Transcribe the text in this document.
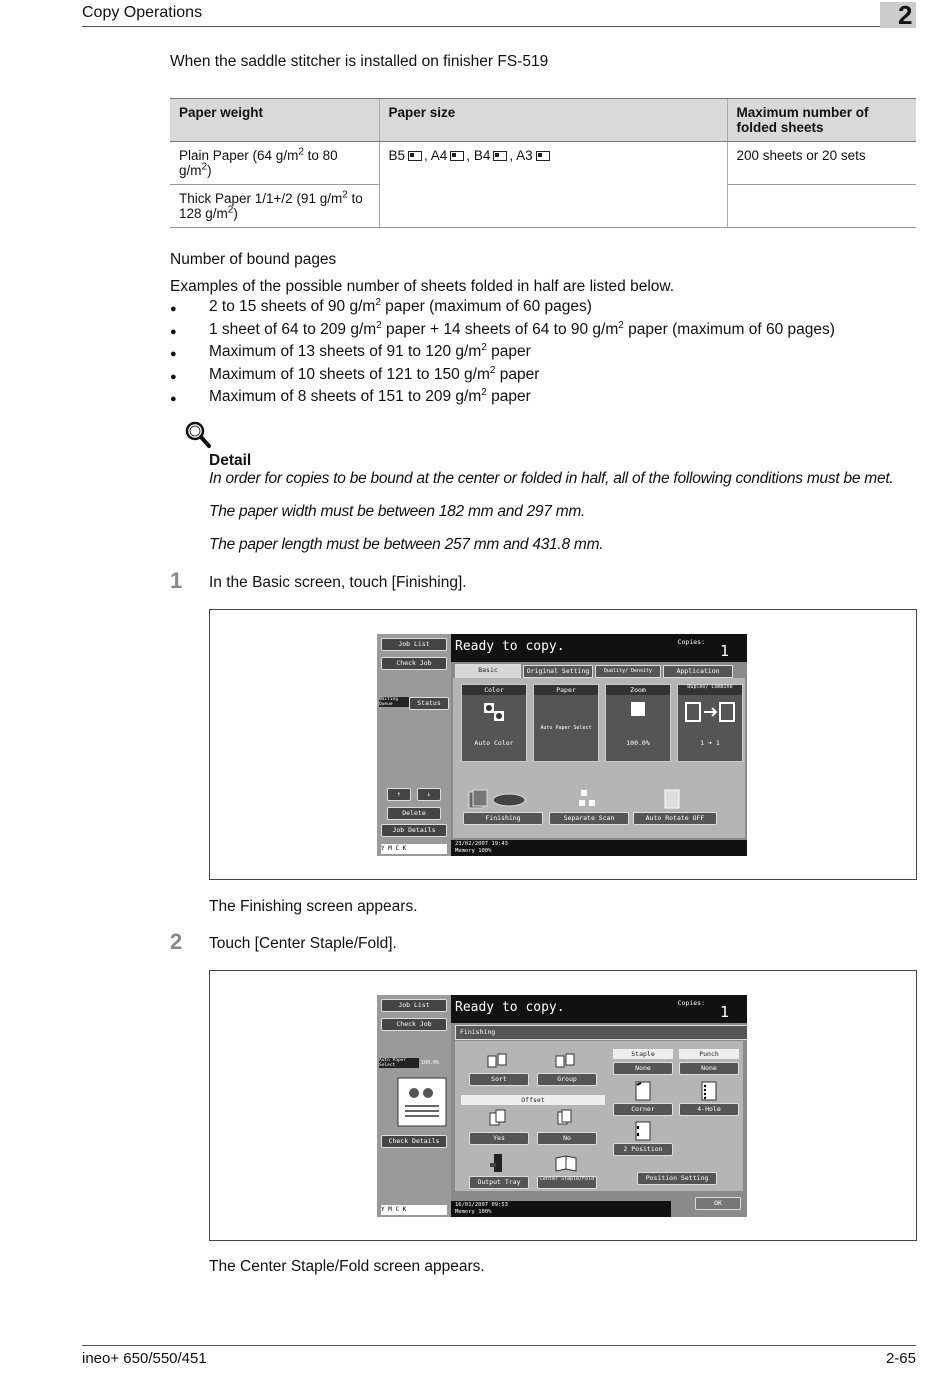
Copy Operations	2
When the saddle stitcher is installed on finisher FS-519
Paper weight	Paper size	Maximum number of folded sheets
Plain Paper (64 $g/m^2$ to 80 $g/m^2$)	B5 , A4 , B4 , A3	200 sheets or 20 sets
Thick Paper 1/1+/2 (91 $g/m^2$ to 128 $g/m^2$)		
Number of bound pages
Examples of the possible number of sheets folded in half are listed below.
● 2 to 15 sheets of 90 $g/m^2$ paper (maximum of 60 pages)
● 1 sheet of 64 to 209 $g/m^2$ paper + 14 sheets of 64 to 90 $g/m^2$ paper (maximum of 60 pages)
● Maximum of 13 sheets of 91 to 120 $g/m^2$ paper
● Maximum of 10 sheets of 121 to 150 $g/m^2$ paper
● Maximum of 8 sheets of 151 to 209 $g/m^2$ paper
Detail
In order for copies to be bound at the center or folded in half, all of the following conditions must be met.
The paper width must be between 182 mm and 297 mm.
The paper length must be between 257 mm and 431.8 mm.
1 In the Basic screen, touch [Finishing].
Job List
Check Job
Waiting Queue	Status
↑	↓
Delete
Job Details
Y M C K
Ready to copy.	Copies: 1
Basic	Original Setting	Quality/ Density	Application
Color
Auto Color
Paper
Auto Paper Select
Zoom
100.0%
Duplex/ Combine
1 ➜ 1
Finishing	Separate Scan	Auto Rotate OFF
23/02/2007 19:43
Memory 100%
The Finishing screen appears.
2 Touch [Center Staple/Fold].
Job List
Check Job
Auto Paper Select	100.0%
Check Details
Y M C K
Ready to copy.	Copies: 1
Finishing
Sort	Group
Offset
Yes	No
Output Tray	Center Staple/Fold
Staple	Punch
None	None
Corner	4-Hole
2 Position
Position Setting
OK
16/01/2007 09:53
Memory 100%
The Center Staple/Fold screen appears.
ineo+ 650/550/451	2-65
